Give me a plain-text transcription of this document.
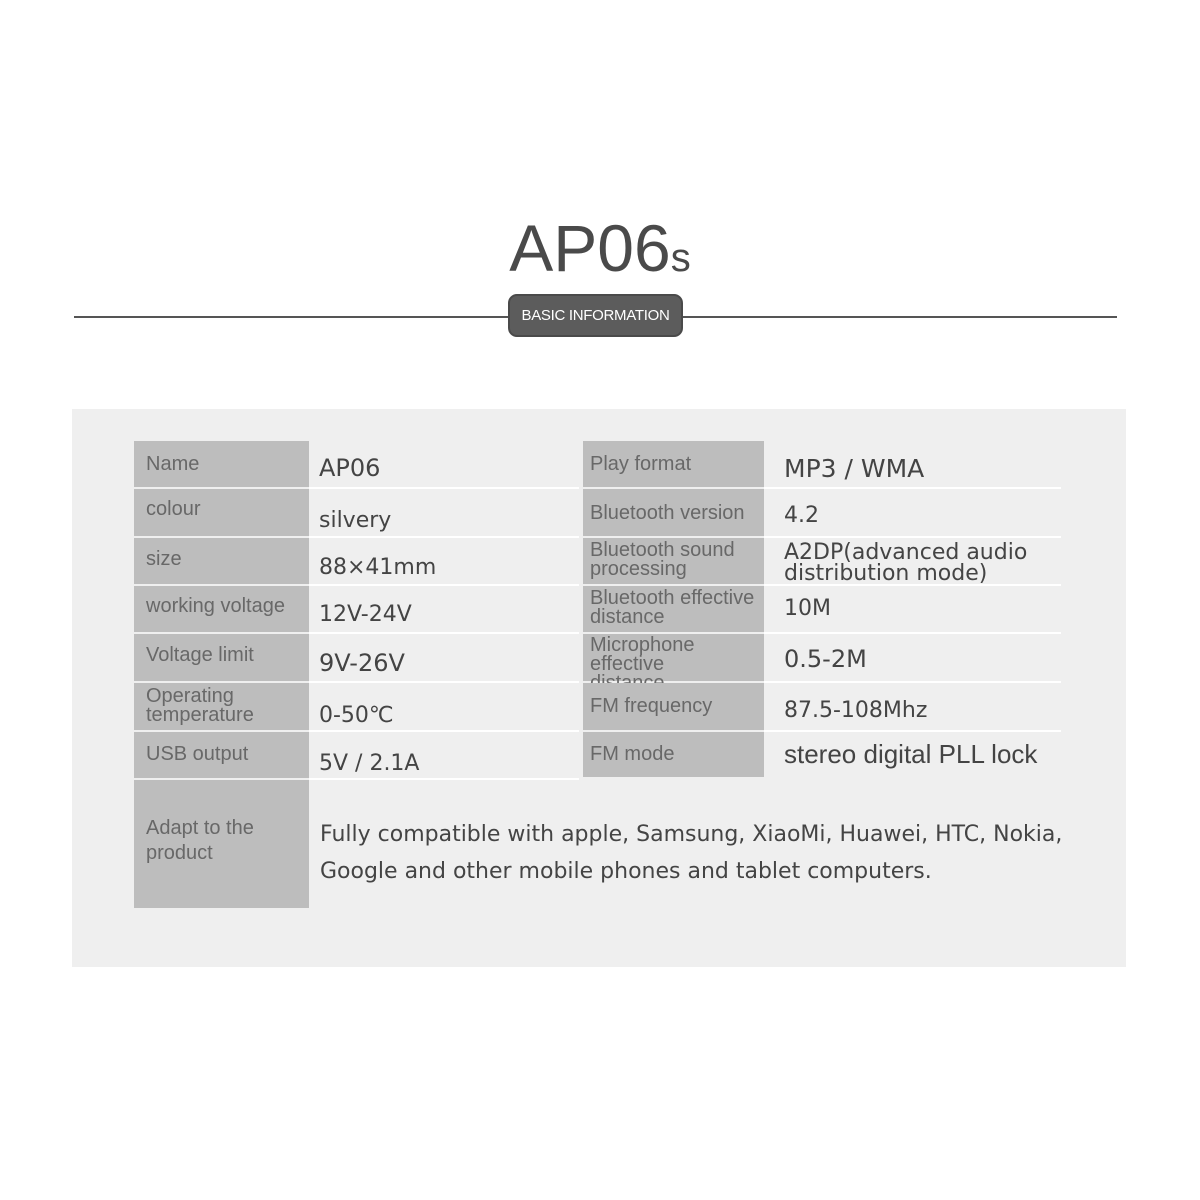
AP06s
BASIC INFORMATION
Name
colour
size
working voltage
Voltage limit
Operating temperature
USB output
AP06
silvery
88×41mm
12V-24V
9V-26V
0-50℃
5V / 2.1A
Play format
Bluetooth version
Bluetooth sound processing
Bluetooth effective distance
Microphone effective
FM frequency
FM mode
MP3 / WMA
4.2
A2DP(advanced audio distribution mode)
10M
0.5-2M
87.5-108Mhz
stereo digital PLL lock
Adapt to the product
Fully compatible with apple, Samsung, XiaoMi, Huawei, HTC, Nokia, Google and other mobile phones and tablet computers.
